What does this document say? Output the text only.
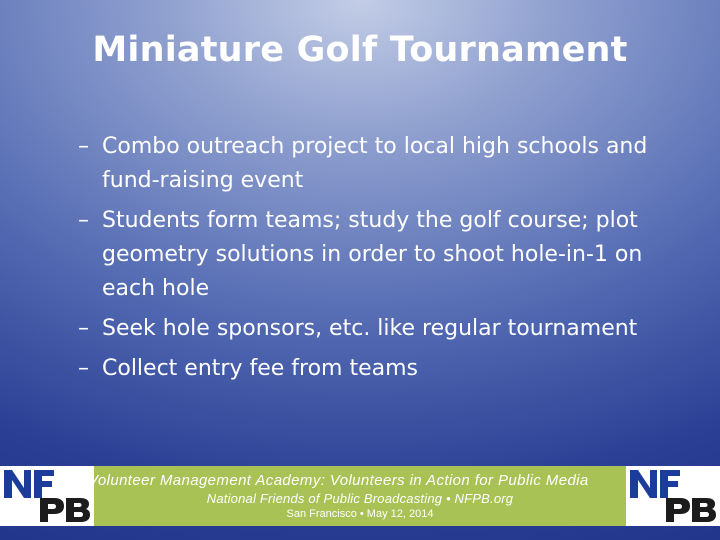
Miniature Golf Tournament
– Combo outreach project to local high schools and fund-raising event
– Students form teams; study the golf course; plot geometry solutions in order to shoot hole-in-1 on each hole
– Seek hole sponsors, etc. like regular tournament
– Collect entry fee from teams
Volunteer Management Academy: Volunteers in Action for Public Media
National Friends of Public Broadcasting • NFPB.org
San Francisco • May 12, 2014
